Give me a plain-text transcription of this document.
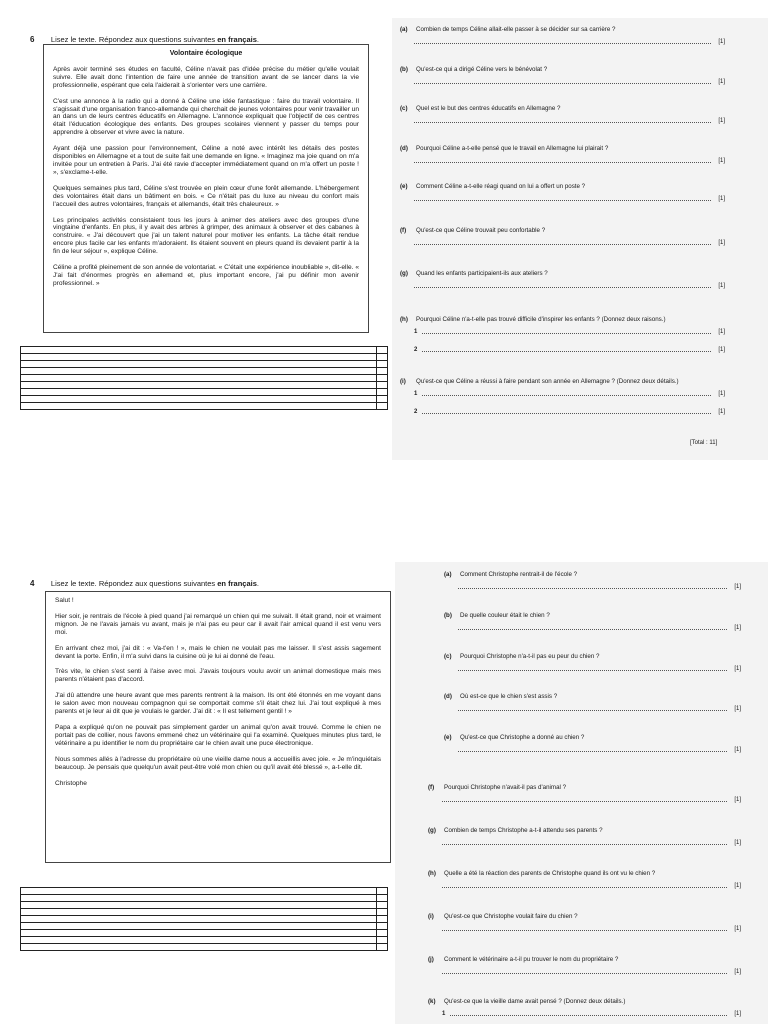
6 Lisez le texte. Répondez aux questions suivantes en français.
Volontaire écologique

Après avoir terminé ses études en faculté, Céline n'avait pas d'idée précise du métier qu'elle voulait suivre. Elle avait donc l'intention de faire une année de transition avant de se lancer dans la vie professionnelle, espérant que cela l'aiderait à s'orienter vers une carrière.

C'est une annonce à la radio qui a donné à Céline une idée fantastique : faire du travail volontaire. Il s'agissait d'une organisation franco-allemande qui cherchait de jeunes volontaires pour venir travailler un an dans un de leurs centres éducatifs en Allemagne. L'annonce expliquait que l'objectif de ces centres était l'éducation écologique des enfants. Des groupes scolaires viennent y passer du temps pour apprendre à observer et vivre avec la nature.

Ayant déjà une passion pour l'environnement, Céline a noté avec intérêt les détails des postes disponibles en Allemagne et a tout de suite fait une demande en ligne. « Imaginez ma joie quand on m'a invitée pour un entretien à Paris. J'ai été ravie d'accepter immédiatement quand on m'a offert un poste ! », s'exclame-t-elle.

Quelques semaines plus tard, Céline s'est trouvée en plein cœur d'une forêt allemande. L'hébergement des volontaires était dans un bâtiment en bois. « Ce n'était pas du luxe au niveau du confort mais l'accueil des autres volontaires, français et allemands, était très chaleureux. »

Les principales activités consistaient tous les jours à animer des ateliers avec des groupes d'une vingtaine d'enfants. En plus, il y avait des arbres à grimper, des animaux à observer et des cabanes à construire. « J'ai découvert que j'ai un talent naturel pour motiver les enfants. La tâche était rendue encore plus facile car les enfants m'adoraient. Ils étaient souvent en pleurs quand ils devaient partir à la fin de leur séjour », explique Céline.

Céline a profité pleinement de son année de volontariat. « C'était une expérience inoubliable », dit-elle. « J'ai fait d'énormes progrès en allemand et, plus important encore, j'ai pu définir mon avenir professionnel. »

(a) Combien de temps Céline allait-elle passer à se décider sur sa carrière ?
[1]
(b) Qu'est-ce qui a dirigé Céline vers le bénévolat ?
[1]
(c) Quel est le but des centres éducatifs en Allemagne ?
[1]
(d) Pourquoi Céline a-t-elle pensé que le travail en Allemagne lui plairait ?
[1]
(e) Comment Céline a-t-elle réagi quand on lui a offert un poste ?
[1]
(f) Qu'est-ce que Céline trouvait peu confortable ?
[1]
(g) Quand les enfants participaient-ils aux ateliers ?
[1]
(h) Pourquoi Céline n'a-t-elle pas trouvé difficile d'inspirer les enfants ? (Donnez deux raisons.)
1	[1]
2	[1]
(i) Qu'est-ce que Céline a réussi à faire pendant son année en Allemagne ? (Donnez deux détails.)
1	[1]
2	[1]
[Total : 11]
4 Lisez le texte. Répondez aux questions suivantes en français.
Salut !

Hier soir, je rentrais de l'école à pied quand j'ai remarqué un chien qui me suivait. Il était grand, noir et vraiment mignon. Je ne l'avais jamais vu avant, mais je n'ai pas eu peur car il avait l'air amical quand il est venu vers moi.

En arrivant chez moi, j'ai dit : « Va-t'en ! », mais le chien ne voulait pas me laisser. Il s'est assis sagement devant la porte. Enfin, il m'a suivi dans la cuisine où je lui ai donné de l'eau.

Très vite, le chien s'est senti à l'aise avec moi. J'avais toujours voulu avoir un animal domestique mais mes parents n'étaient pas d'accord.

J'ai dû attendre une heure avant que mes parents rentrent à la maison. Ils ont été étonnés en me voyant dans le salon avec mon nouveau compagnon qui se comportait comme s'il était chez lui. J'ai tout expliqué à mes parents et je leur ai dit que je voulais le garder. J'ai dit : « Il est tellement gentil ! »

Papa a expliqué qu'on ne pouvait pas simplement garder un animal qu'on avait trouvé. Comme le chien ne portait pas de collier, nous l'avons emmené chez un vétérinaire qui l'a examiné. Quelques minutes plus tard, le vétérinaire a pu identifier le nom du propriétaire car le chien avait une puce électronique.

Nous sommes allés à l'adresse du propriétaire où une vieille dame nous a accueillis avec joie. « Je m'inquiétais beaucoup. Je pensais que quelqu'un avait peut-être volé mon chien ou qu'il avait été blessé », a-t-elle dit.

Christophe

(a) Comment Christophe rentrait-il de l'école ?
[1]
(b) De quelle couleur était le chien ?
[1]
(c) Pourquoi Christophe n'a-t-il pas eu peur du chien ?
[1]
(d) Où est-ce que le chien s'est assis ?
[1]
(e) Qu'est-ce que Christophe a donné au chien ?
[1]
(f) Pourquoi Christophe n'avait-il pas d'animal ?
[1]
(g) Combien de temps Christophe a-t-il attendu ses parents ?
[1]
(h) Quelle a été la réaction des parents de Christophe quand ils ont vu le chien ?
[1]
(i) Qu'est-ce que Christophe voulait faire du chien ?
[1]
(j) Comment le vétérinaire a-t-il pu trouver le nom du propriétaire ?
[1]
(k) Qu'est-ce que la vieille dame avait pensé ? (Donnez deux détails.)
1	[1]
